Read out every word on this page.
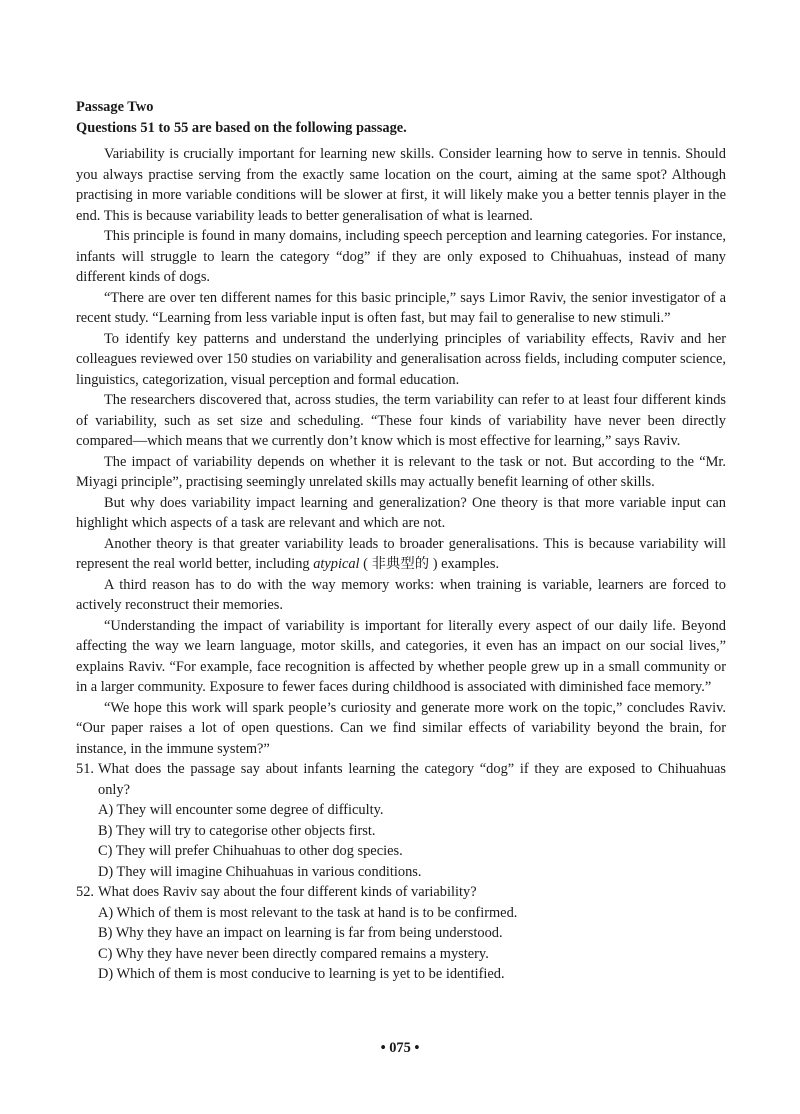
Passage Two

Questions 51 to 55 are based on the following passage.

Variability is crucially important for learning new skills. Consider learning how to serve in tennis. Should you always practise serving from the exactly same location on the court, aiming at the same spot? Although practising in more variable conditions will be slower at first, it will likely make you a better tennis player in the end. This is because variability leads to better generalisation of what is learned.

This principle is found in many domains, including speech perception and learning categories. For instance, infants will struggle to learn the category “dog” if they are only exposed to Chihuahuas, instead of many different kinds of dogs.

“There are over ten different names for this basic principle,” says Limor Raviv, the senior investigator of a recent study. “Learning from less variable input is often fast, but may fail to generalise to new stimuli.”

To identify key patterns and understand the underlying principles of variability effects, Raviv and her colleagues reviewed over 150 studies on variability and generalisation across fields, including computer science, linguistics, categorization, visual perception and formal education.

The researchers discovered that, across studies, the term variability can refer to at least four different kinds of variability, such as set size and scheduling. “These four kinds of variability have never been directly compared—which means that we currently don’t know which is most effective for learning,” says Raviv.

The impact of variability depends on whether it is relevant to the task or not. But according to the “Mr. Miyagi principle”, practising seemingly unrelated skills may actually benefit learning of other skills.

But why does variability impact learning and generalization? One theory is that more variable input can highlight which aspects of a task are relevant and which are not.

Another theory is that greater variability leads to broader generalisations. This is because variability will represent the real world better, including atypical ( 非典型的 ) examples.

A third reason has to do with the way memory works: when training is variable, learners are forced to actively reconstruct their memories.

“Understanding the impact of variability is important for literally every aspect of our daily life. Beyond affecting the way we learn language, motor skills, and categories, it even has an impact on our social lives,” explains Raviv. “For example, face recognition is affected by whether people grew up in a small community or in a larger community. Exposure to fewer faces during childhood is associated with diminished face memory.”

“We hope this work will spark people’s curiosity and generate more work on the topic,” concludes Raviv. “Our paper raises a lot of open questions. Can we find similar effects of variability beyond the brain, for instance, in the immune system?”

51. What does the passage say about infants learning the category “dog” if they are exposed to Chihuahuas only?

A) They will encounter some degree of difficulty.

B) They will try to categorise other objects first.

C) They will prefer Chihuahuas to other dog species.

D) They will imagine Chihuahuas in various conditions.

52. What does Raviv say about the four different kinds of variability?

A) Which of them is most relevant to the task at hand is to be confirmed.

B) Why they have an impact on learning is far from being understood.

C) Why they have never been directly compared remains a mystery.

D) Which of them is most conducive to learning is yet to be identified.

• 075 •
